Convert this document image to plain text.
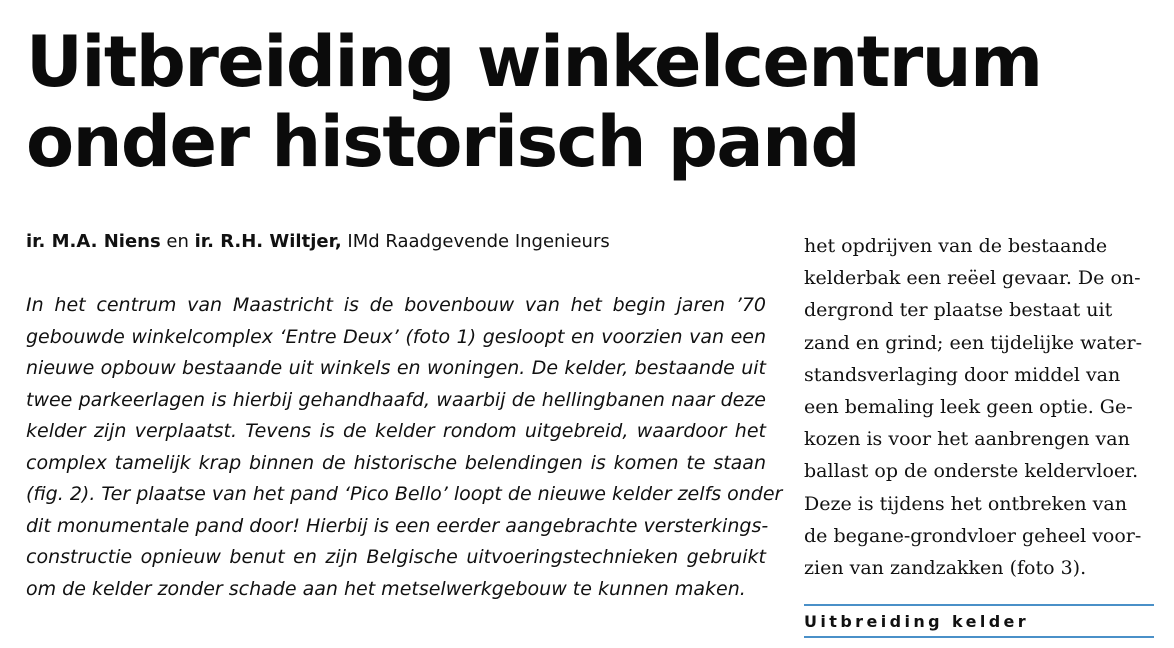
Uitbreiding winkelcentrum
onder historisch pand
ir. M.A. Niens en ir. R.H. Wiltjer, IMd Raadgevende Ingenieurs
In het centrum van Maastricht is de bovenbouw van het begin jaren ’70
gebouwde winkelcomplex ‘Entre Deux’ (foto 1) gesloopt en voorzien van een
nieuwe opbouw bestaande uit winkels en woningen. De kelder, bestaande uit
twee parkeerlagen is hierbij gehandhaafd, waarbij de hellingbanen naar deze
kelder zijn verplaatst. Tevens is de kelder rondom uitgebreid, waardoor het
complex tamelijk krap binnen de historische belendingen is komen te staan
(fig. 2). Ter plaatse van het pand ‘Pico Bello’ loopt de nieuwe kelder zelfs onder
dit monumentale pand door! Hierbij is een eerder aangebrachte versterkings-
constructie opnieuw benut en zijn Belgische uitvoeringstechnieken gebruikt
om de kelder zonder schade aan het metselwerkgebouw te kunnen maken.
het opdrijven van de bestaande
kelderbak een reëel gevaar. De on-
dergrond ter plaatse bestaat uit
zand en grind; een tijdelijke water-
standsverlaging door middel van
een bemaling leek geen optie. Ge-
kozen is voor het aanbrengen van
ballast op de onderste keldervloer.
Deze is tijdens het ontbreken van
de begane-grondvloer geheel voor-
zien van zandzakken (foto 3).
Uitbreiding kelder
